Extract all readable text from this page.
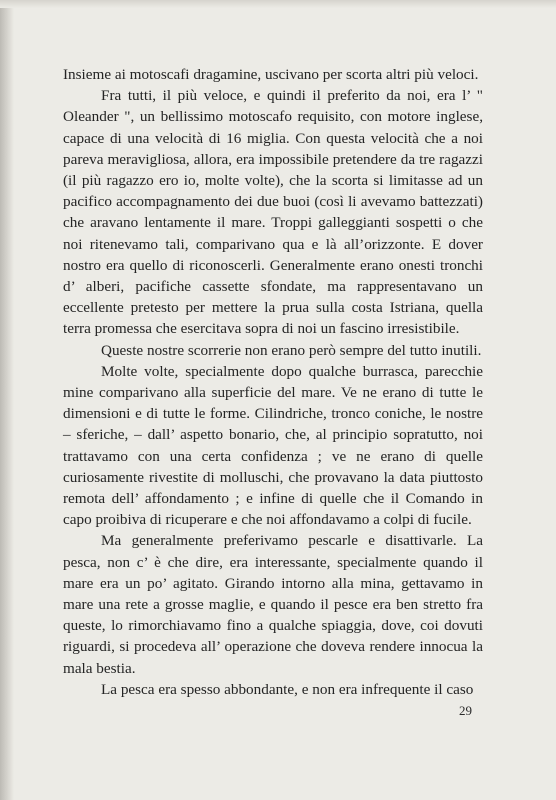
Insieme ai motoscafi dragamine, uscivano per scorta altri più veloci.

Fra tutti, il più veloce, e quindi il preferito da noi, era l’ " Oleander ", un bellissimo motoscafo requisito, con motore inglese, capace di una velocità di 16 miglia. Con questa velocità che a noi pareva meravigliosa, allora, era impossibile pretendere da tre ragazzi (il più ragazzo ero io, molte volte), che la scorta si limitasse ad un pacifico accompagnamento dei due buoi (così li avevamo battezzati) che aravano lentamente il mare. Troppi galleggianti sospetti o che noi ritenevamo tali, comparivano qua e là all’orizzonte. E dover nostro era quello di riconoscerli. Generalmente erano onesti tronchi d’ alberi, pacifiche cassette sfondate, ma rappresentavano un eccellente pretesto per mettere la prua sulla costa Istriana, quella terra promessa che esercitava sopra di noi un fascino irresistibile.

Queste nostre scorrerie non erano però sempre del tutto inutili.

Molte volte, specialmente dopo qualche burrasca, parecchie mine comparivano alla superficie del mare. Ve ne erano di tutte le dimensioni e di tutte le forme. Cilindriche, tronco coniche, le nostre – sferiche, – dall’ aspetto bonario, che, al principio sopratutto, noi trattavamo con una certa confidenza ; ve ne erano di quelle curiosamente rivestite di molluschi, che provavano la data piuttosto remota dell’ affondamento ; e infine di quelle che il Comando in capo proibiva di ricuperare e che noi affondavamo a colpi di fucile.

Ma generalmente preferivamo pescarle e disattivarle. La pesca, non c’ è che dire, era interessante, specialmente quando il mare era un po’ agitato. Girando intorno alla mina, gettavamo in mare una rete a grosse maglie, e quando il pesce era ben stretto fra queste, lo rimorchiavamo fino a qualche spiaggia, dove, coi dovuti riguardi, si procedeva all’ operazione che doveva rendere innocua la mala bestia.

La pesca era spesso abbondante, e non era infrequente il caso

29
